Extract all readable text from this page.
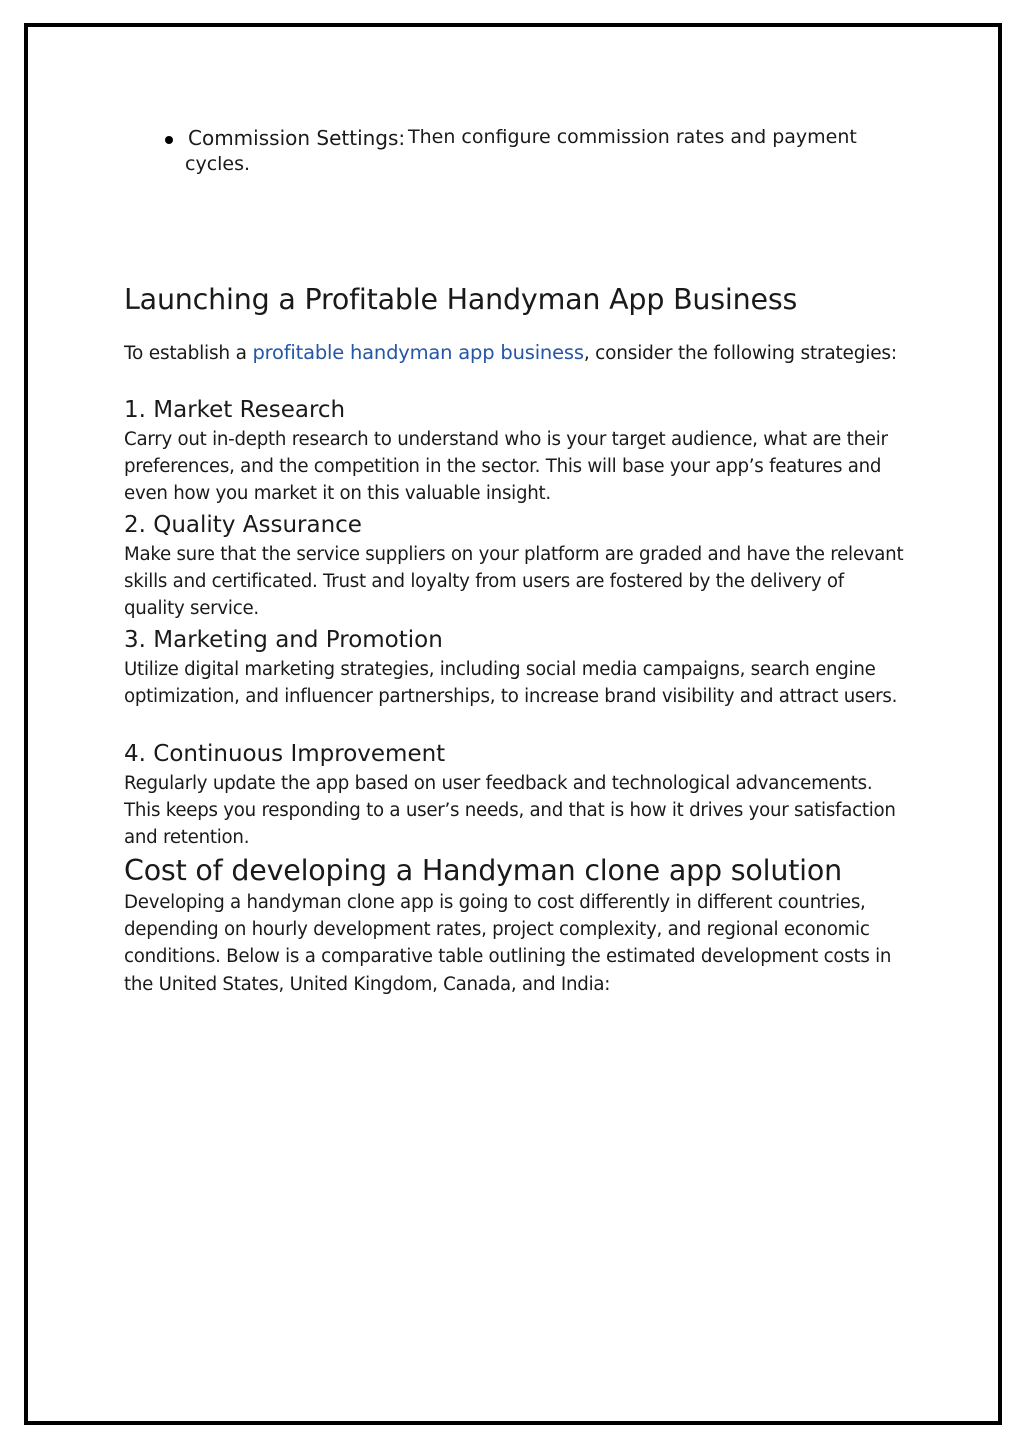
Commission Settings: Then configure commission rates and payment
cycles.
Launching a Profitable Handyman App Business

To establish a profitable handyman app business, consider the following strategies:

1. Market Research

Carry out in-depth research to understand who is your target audience, what are their preferences, and the competition in the sector. This will base your app’s features and even how you market it on this valuable insight.

2. Quality Assurance

Make sure that the service suppliers on your platform are graded and have the relevant skills and certificated. Trust and loyalty from users are fostered by the delivery of quality service.

3. Marketing and Promotion

Utilize digital marketing strategies, including social media campaigns, search engine optimization, and influencer partnerships, to increase brand visibility and attract users.

4. Continuous Improvement

Regularly update the app based on user feedback and technological advancements. This keeps you responding to a user’s needs, and that is how it drives your satisfaction and retention.

Cost of developing a Handyman clone app solution

Developing a handyman clone app is going to cost differently in different countries, depending on hourly development rates, project complexity, and regional economic conditions. Below is a comparative table outlining the estimated development costs in the United States, United Kingdom, Canada, and India:
